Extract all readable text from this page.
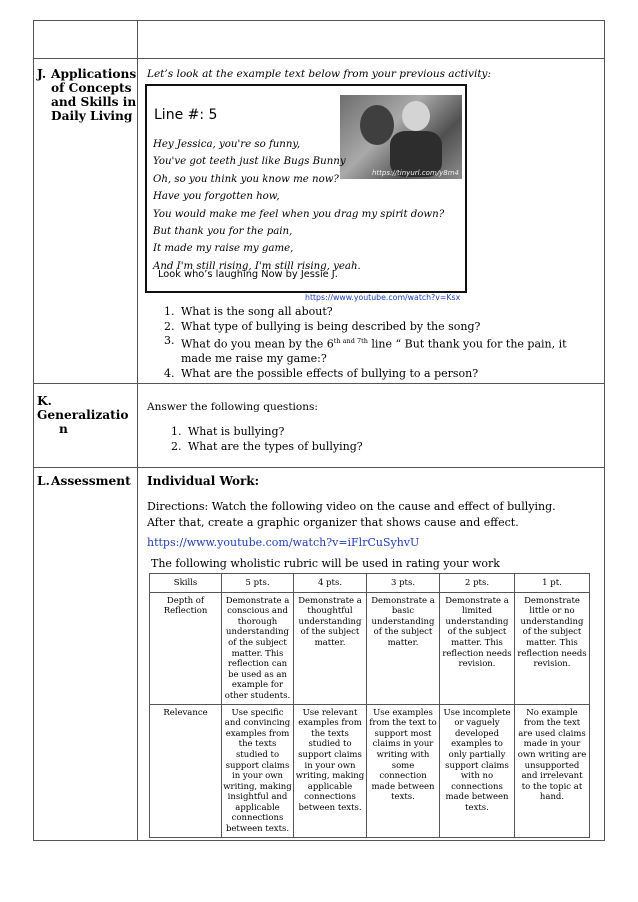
J. Applications
of Concepts
and Skills in
Daily Living

Let’s look at the example text below from your previous activity:
Line #: 5
https://tinyurl.com/y8m4
Hey Jessica, you're so funny,
You've got teeth just like Bugs Bunny
Oh, so you think you know me now?
Have you forgotten how,
You would make me feel when you drag my spirit down?
But thank you for the pain,
It made my raise my game,
And I'm still rising, I'm still rising, yeah.
Look who’s laughing Now by Jessie J.
https://www.youtube.com/watch?v=Ksx
1. What is the song all about?
2. What type of bullying is being described by the song?
3. What do you mean by the $6^{th and 7th}$ line “ But thank you for the pain, it
made me raise my game:?
4. What are the possible effects of bullying to a person?

K.Generalizatio
n

Answer the following questions:
1. What is bullying?
2. What are the types of bullying?

L.Assessment	Individual Work:
Directions: Watch the following video on the cause and effect of bullying.
After that, create a graphic organizer that shows cause and effect.
https://www.youtube.com/watch?v=iFlrCuSyhvU
The following wholistic rubric will be used in rating your work
Skills	5 pts.	4 pts.	3 pts.	2 pts.	1 pt.
Depth of Reflection	Demonstrate a conscious and thorough understanding of the subject matter. This reflection can be used as an example for other students.	Demonstrate a thoughtful understanding of the subject matter.	Demonstrate a basic understanding of the subject matter.	Demonstrate a limited understanding of the subject matter. This reflection needs revision.	Demonstrate little or no understanding of the subject matter. This reflection needs revision.
Relevance	Use specific and convincing examples from the texts studied to support claims in your own writing, making insightful and applicable connections between texts.	Use relevant examples from the texts studied to support claims in your own writing, making applicable connections between texts.	Use examples from the text to support most claims in your writing with some connection made between texts.	Use incomplete or vaguely developed examples to only partially support claims with no connections made between texts.	No example from the text are used claims made in your own writing are unsupported and irrelevant to the topic at hand.
